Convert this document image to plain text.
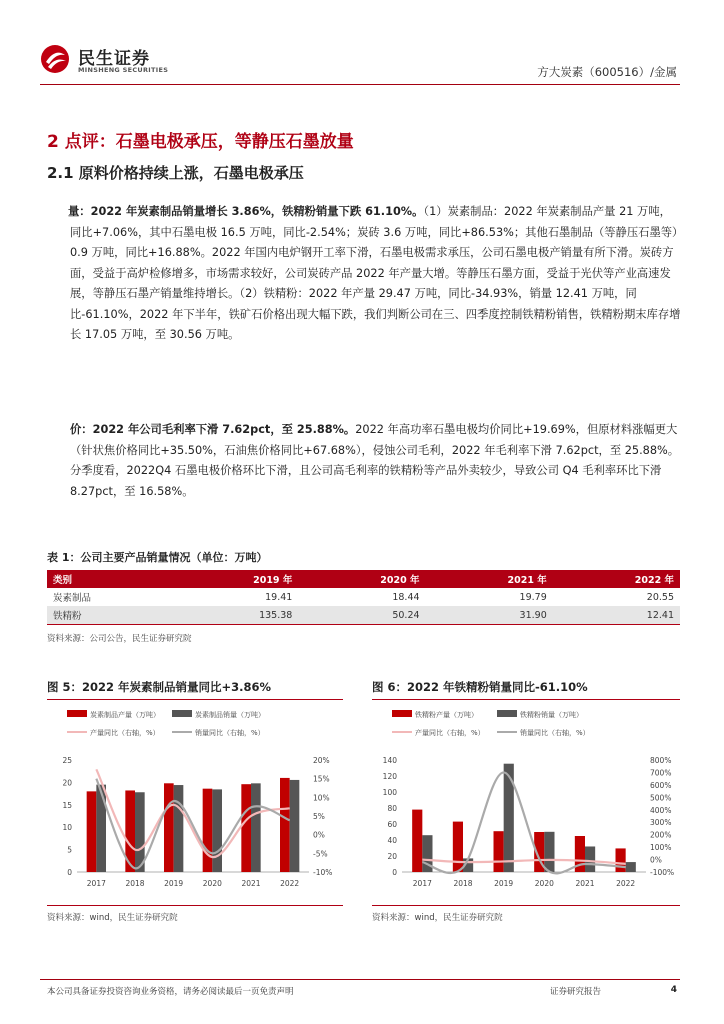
民生证券
MINSHENG SECURITIES	方大炭素（600516）/金属
2 点评：石墨电极承压，等静压石墨放量
2.1 原料价格持续上涨，石墨电极承压
量：2022 年炭素制品销量增长 3.86%，铁精粉销量下跌 61.10%。（1）炭素制品：2022 年炭素制品产量 21 万吨，同比+7.06%，其中石墨电极 16.5 万吨，同比-2.54%；炭砖 3.6 万吨，同比+86.53%；其他石墨制品（等静压石墨等）0.9 万吨，同比+16.88%。2022 年国内电炉钢开工率下滑，石墨电极需求承压，公司石墨电极产销量有所下滑。炭砖方面，受益于高炉检修增多，市场需求较好，公司炭砖产品 2022 年产量大增。等静压石墨方面，受益于光伏等产业高速发展，等静压石墨产销量维持增长。（2）铁精粉：2022 年产量 29.47 万吨，同比-34.93%，销量 12.41 万吨，同比-61.10%，2022 年下半年，铁矿石价格出现大幅下跌，我们判断公司在三、四季度控制铁精粉销售，铁精粉期末库存增长 17.05 万吨，至 30.56 万吨。
价：2022 年公司毛利率下滑 7.62pct，至 25.88%。2022 年高功率石墨电极均价同比+19.69%，但原材料涨幅更大（针状焦价格同比+35.50%，石油焦价格同比+67.68%），侵蚀公司毛利，2022 年毛利率下滑 7.62pct，至 25.88%。分季度看，2022Q4 石墨电极价格环比下滑，且公司高毛利率的铁精粉等产品外卖较少，导致公司 Q4 毛利率环比下滑 8.27pct，至 16.58%。
表 1：公司主要产品销量情况（单位：万吨）
类别	2019 年	2020 年	2021 年	2022 年
炭素制品	19.41	18.44	19.79	20.55
铁精粉	135.38	50.24	31.90	12.41
资料来源：公司公告，民生证券研究院
图 5：2022 年炭素制品销量同比+3.86%
炭素制品产量（万吨）	炭素制品销量（万吨）
产量同比（右轴，%）	销量同比（右轴，%）
0
5
10
15
20
25
-10%
-5%
0%
5%
10%
15%
20%
2017	2018	2019	2020	2021	2022
资料来源：wind，民生证券研究院
图 6：2022 年铁精粉销量同比-61.10%
铁精粉产量（万吨）	铁精粉销量（万吨）
产量同比（右轴，%）	销量同比（右轴，%）
0
20
40
60
80
100
120
140
-100%
0%
100%
200%
300%
400%
500%
600%
700%
800%
2017	2018	2019	2020	2021	2022
资料来源：wind，民生证券研究院
本公司具备证券投资咨询业务资格，请务必阅读最后一页免责声明	证券研究报告	4
